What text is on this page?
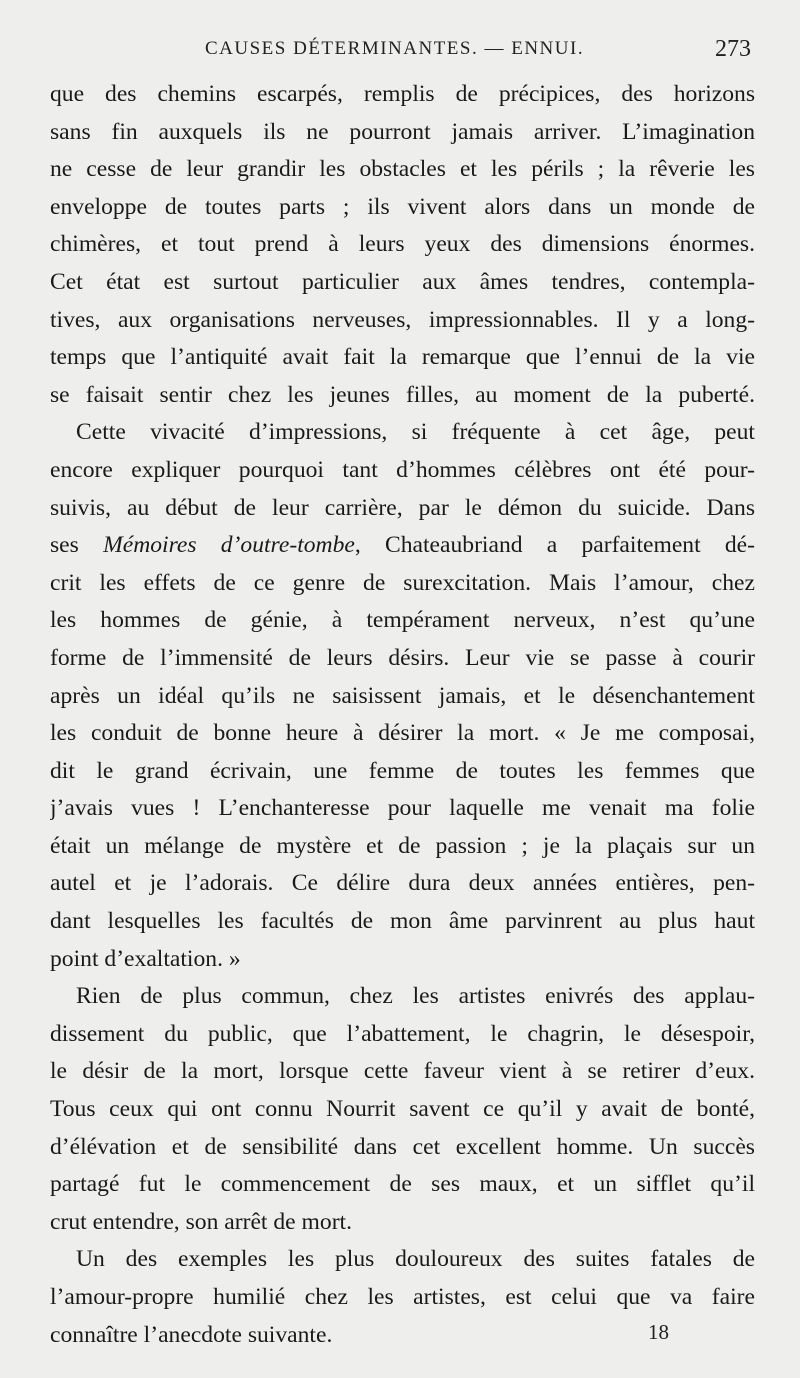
CAUSES DÉTERMINANTES. — ENNUI.	273
que des chemins escarpés, remplis de précipices, des horizons
sans fin auxquels ils ne pourront jamais arriver. L’imagination
ne cesse de leur grandir les obstacles et les périls ; la rêverie les
enveloppe de toutes parts ; ils vivent alors dans un monde de
chimères, et tout prend à leurs yeux des dimensions énormes.
Cet état est surtout particulier aux âmes tendres, contempla-
tives, aux organisations nerveuses, impressionnables. Il y a long-
temps que l’antiquité avait fait la remarque que l’ennui de la vie
se faisait sentir chez les jeunes filles, au moment de la puberté.
Cette vivacité d’impressions, si fréquente à cet âge, peut
encore expliquer pourquoi tant d’hommes célèbres ont été pour-
suivis, au début de leur carrière, par le démon du suicide. Dans
ses Mémoires d’outre-tombe, Chateaubriand a parfaitement dé-
crit les effets de ce genre de surexcitation. Mais l’amour, chez
les hommes de génie, à tempérament nerveux, n’est qu’une
forme de l’immensité de leurs désirs. Leur vie se passe à courir
après un idéal qu’ils ne saisissent jamais, et le désenchantement
les conduit de bonne heure à désirer la mort. « Je me composai,
dit le grand écrivain, une femme de toutes les femmes que
j’avais vues ! L’enchanteresse pour laquelle me venait ma folie
était un mélange de mystère et de passion ; je la plaçais sur un
autel et je l’adorais. Ce délire dura deux années entières, pen-
dant lesquelles les facultés de mon âme parvinrent au plus haut
point d’exaltation. »
Rien de plus commun, chez les artistes enivrés des applau-
dissement du public, que l’abattement, le chagrin, le désespoir,
le désir de la mort, lorsque cette faveur vient à se retirer d’eux.
Tous ceux qui ont connu Nourrit savent ce qu’il y avait de bonté,
d’élévation et de sensibilité dans cet excellent homme. Un succès
partagé fut le commencement de ses maux, et un sifflet qu’il
crut entendre, son arrêt de mort.
Un des exemples les plus douloureux des suites fatales de
l’amour-propre humilié chez les artistes, est celui que va faire
connaître l’anecdote suivante.	18
